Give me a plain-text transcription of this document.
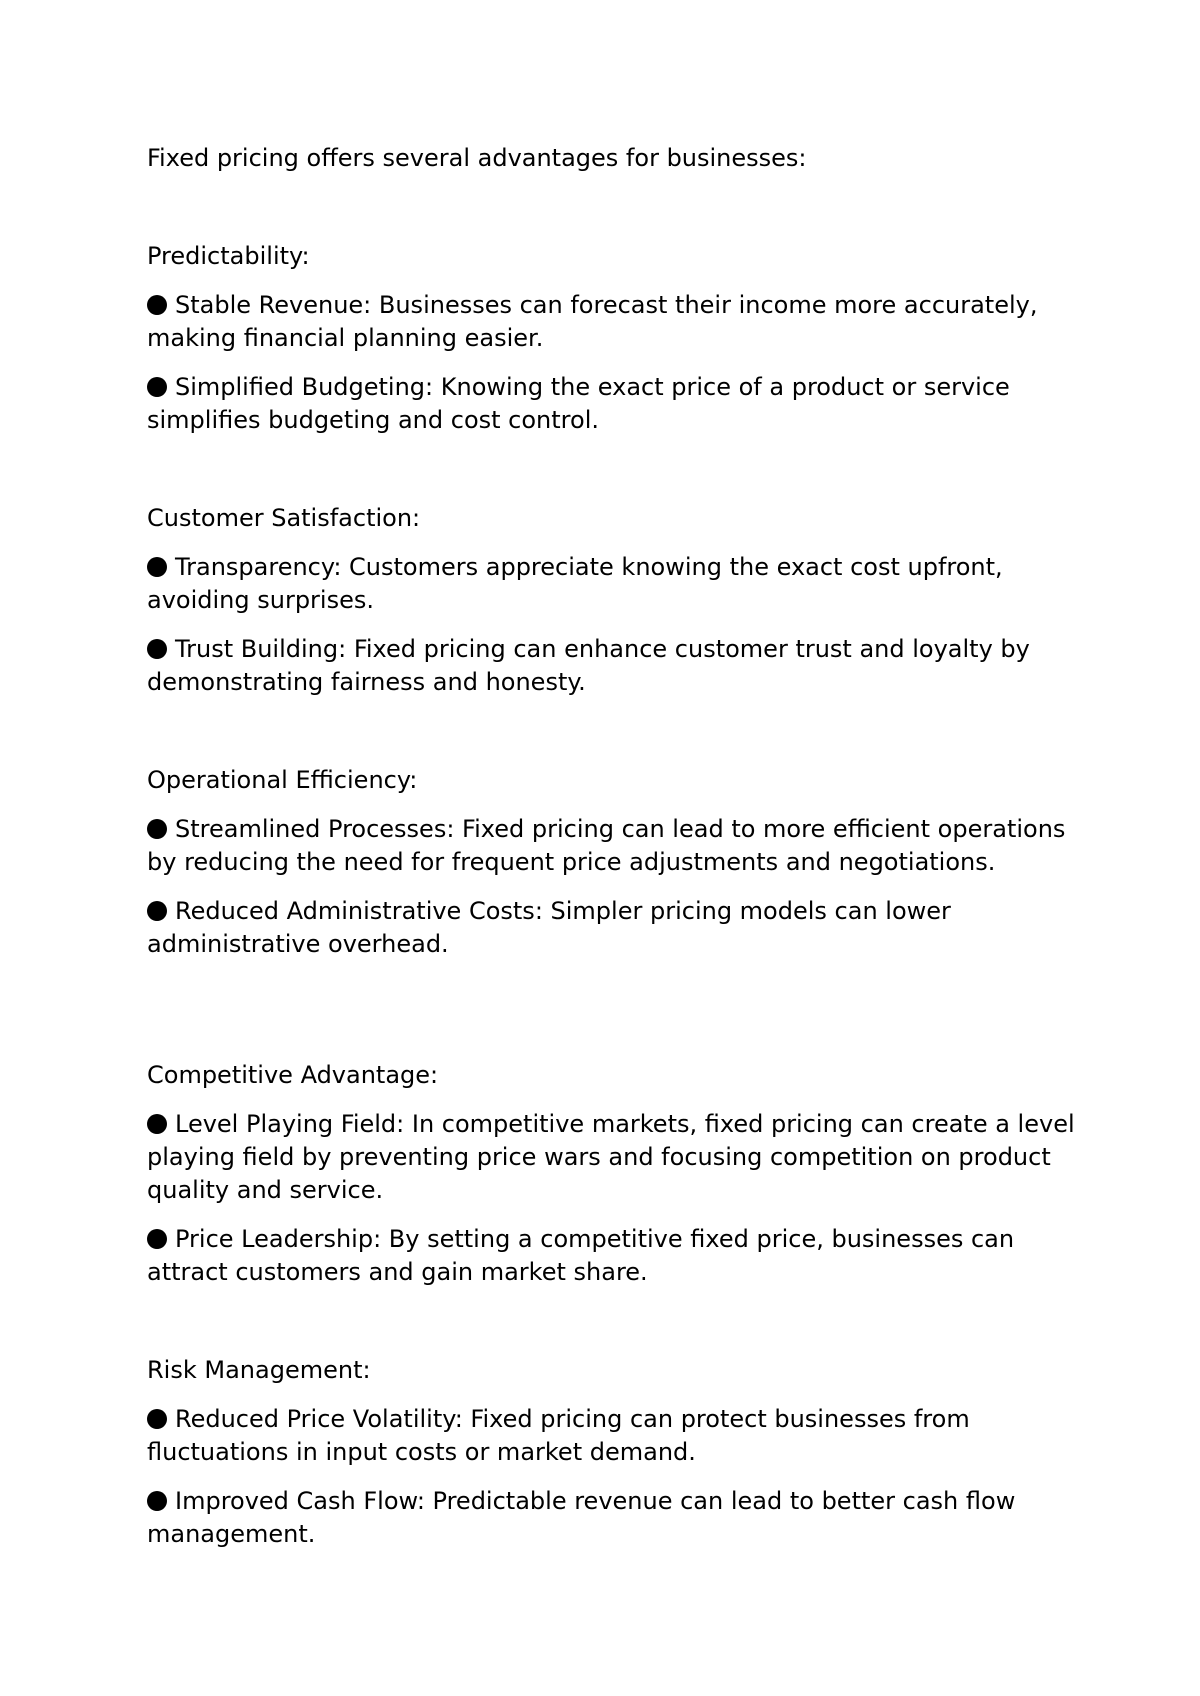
Fixed pricing offers several advantages for businesses:

Predictability:

Stable Revenue: Businesses can forecast their income more accurately, making financial planning easier.

Simplified Budgeting: Knowing the exact price of a product or service simplifies budgeting and cost control.

Customer Satisfaction:

Transparency: Customers appreciate knowing the exact cost upfront, avoiding surprises.

Trust Building: Fixed pricing can enhance customer trust and loyalty by demonstrating fairness and honesty.

Operational Efficiency:

Streamlined Processes: Fixed pricing can lead to more efficient operations by reducing the need for frequent price adjustments and negotiations.

Reduced Administrative Costs: Simpler pricing models can lower administrative overhead.

Competitive Advantage:

Level Playing Field: In competitive markets, fixed pricing can create a level playing field by preventing price wars and focusing competition on product quality and service.

Price Leadership: By setting a competitive fixed price, businesses can attract customers and gain market share.

Risk Management:

Reduced Price Volatility: Fixed pricing can protect businesses from fluctuations in input costs or market demand.

Improved Cash Flow: Predictable revenue can lead to better cash flow management.
